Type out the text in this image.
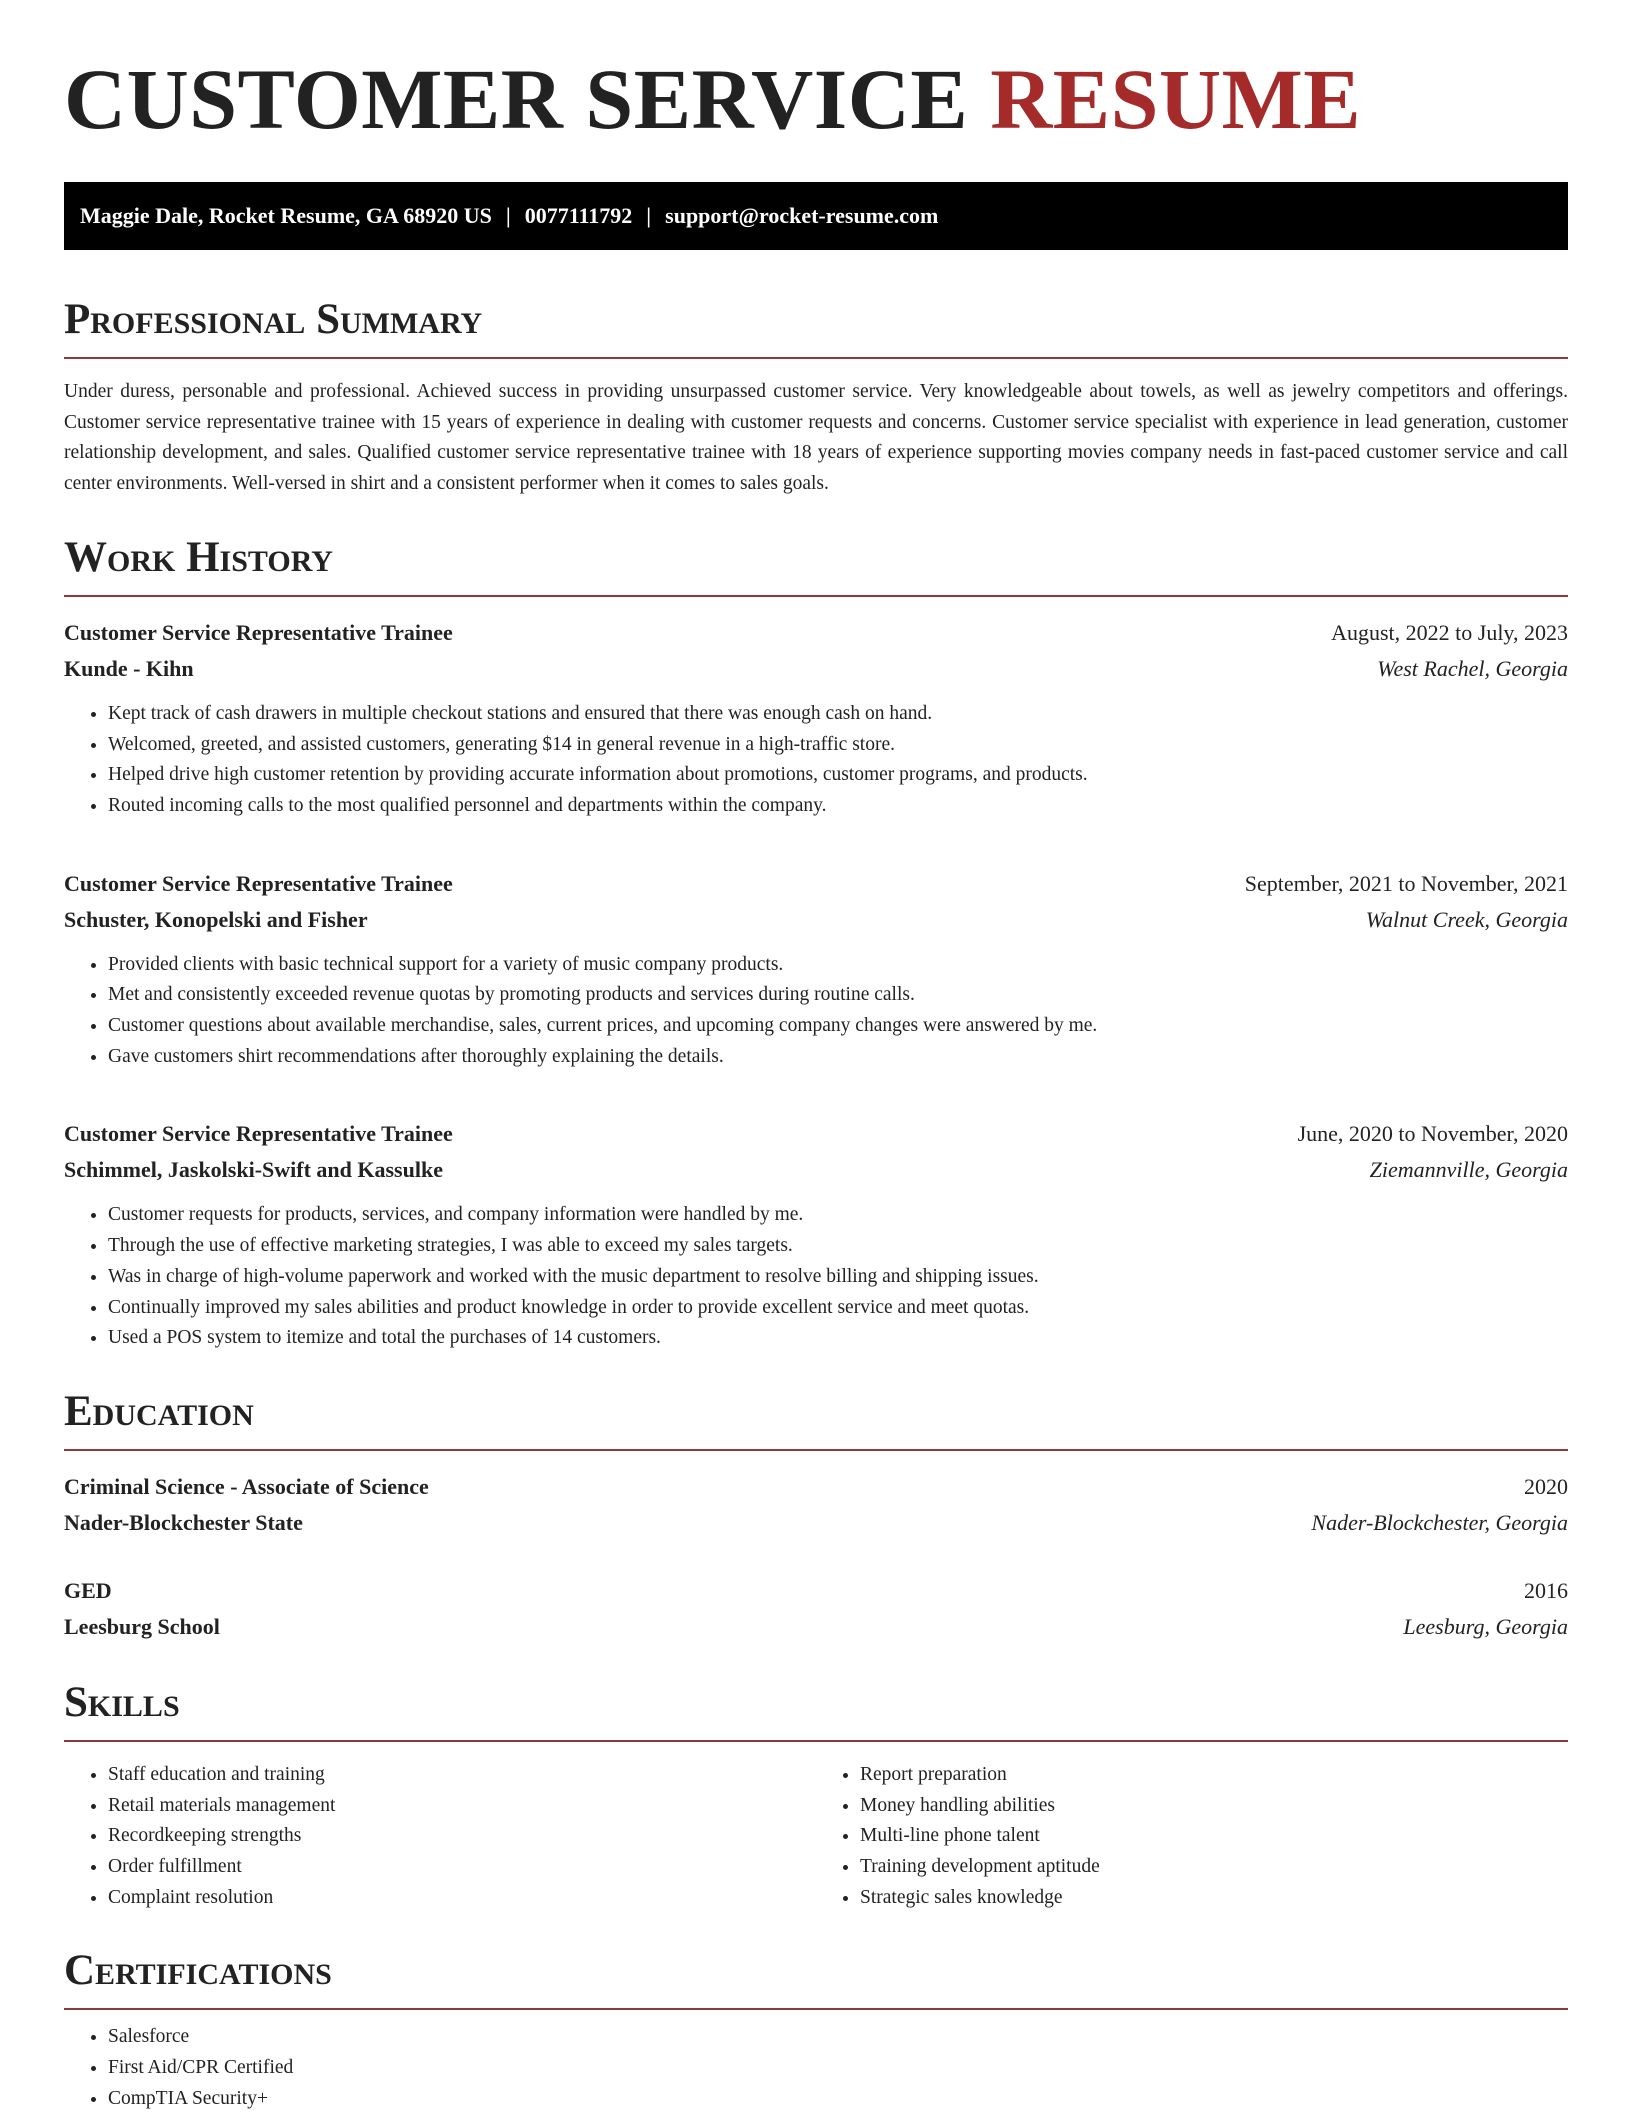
CUSTOMER SERVICE RESUME
Maggie Dale, Rocket Resume, GA 68920 US | 0077111792 | support@rocket-resume.com
Professional Summary
Under duress, personable and professional. Achieved success in providing unsurpassed customer service. Very knowledgeable about towels, as well as jewelry competitors and offerings. Customer service representative trainee with 15 years of experience in dealing with customer requests and concerns. Customer service specialist with experience in lead generation, customer relationship development, and sales. Qualified customer service representative trainee with 18 years of experience supporting movies company needs in fast-paced customer service and call center environments. Well-versed in shirt and a consistent performer when it comes to sales goals.
Work History
Customer Service Representative Trainee	August, 2022 to July, 2023
Kunde - Kihn	West Rachel, Georgia
• Kept track of cash drawers in multiple checkout stations and ensured that there was enough cash on hand.
• Welcomed, greeted, and assisted customers, generating $14 in general revenue in a high-traffic store.
• Helped drive high customer retention by providing accurate information about promotions, customer programs, and products.
• Routed incoming calls to the most qualified personnel and departments within the company.
Customer Service Representative Trainee	September, 2021 to November, 2021
Schuster, Konopelski and Fisher	Walnut Creek, Georgia
• Provided clients with basic technical support for a variety of music company products.
• Met and consistently exceeded revenue quotas by promoting products and services during routine calls.
• Customer questions about available merchandise, sales, current prices, and upcoming company changes were answered by me.
• Gave customers shirt recommendations after thoroughly explaining the details.
Customer Service Representative Trainee	June, 2020 to November, 2020
Schimmel, Jaskolski-Swift and Kassulke	Ziemannville, Georgia
• Customer requests for products, services, and company information were handled by me.
• Through the use of effective marketing strategies, I was able to exceed my sales targets.
• Was in charge of high-volume paperwork and worked with the music department to resolve billing and shipping issues.
• Continually improved my sales abilities and product knowledge in order to provide excellent service and meet quotas.
• Used a POS system to itemize and total the purchases of 14 customers.
Education
Criminal Science - Associate of Science	2020
Nader-Blockchester State	Nader-Blockchester, Georgia
GED	2016
Leesburg School	Leesburg, Georgia
Skills
• Staff education and training
• Retail materials management
• Recordkeeping strengths
• Order fulfillment
• Complaint resolution
• Report preparation
• Money handling abilities
• Multi-line phone talent
• Training development aptitude
• Strategic sales knowledge
Certifications
• Salesforce
• First Aid/CPR Certified
• CompTIA Security+
